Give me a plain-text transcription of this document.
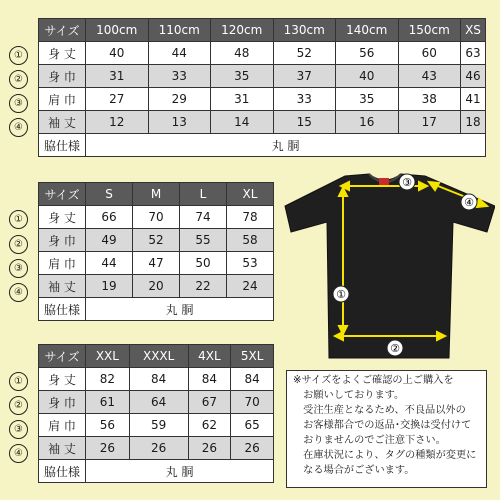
①
②
③
④
サイズ	100cm	110cm	120cm	130cm	140cm	150cm	XS
身 丈	40	44	48	52	56	60	63
身 巾	31	33	35	37	40	43	46
肩 巾	27	29	31	33	35	38	41
袖 丈	12	13	14	15	16	17	18
脇仕様	丸 胴						
①
②
③
④
サイズ	S	M	L	XL
身 丈	66	70	74	78
身 巾	49	52	55	58
肩 巾	44	47	50	53
袖 丈	19	20	22	24
脇仕様	丸 胴			
①
②
③
④
サイズ	XXL	XXXL	4XL	5XL
身 丈	82	84	84	84
身 巾	61	64	67	70
肩 巾	56	59	62	65
袖 丈	26	26	26	26
脇仕様	丸 胴			
③
④
①
②

※サイズをよくご確認の上ご購入を

　お願いしております。

　受注生産となるため、不良品以外の

　お客様都合での返品･交換は受付けて

　おりませんのでご注意下さい。

　在庫状況により、タグの種類が変更に

　なる場合がございます。
